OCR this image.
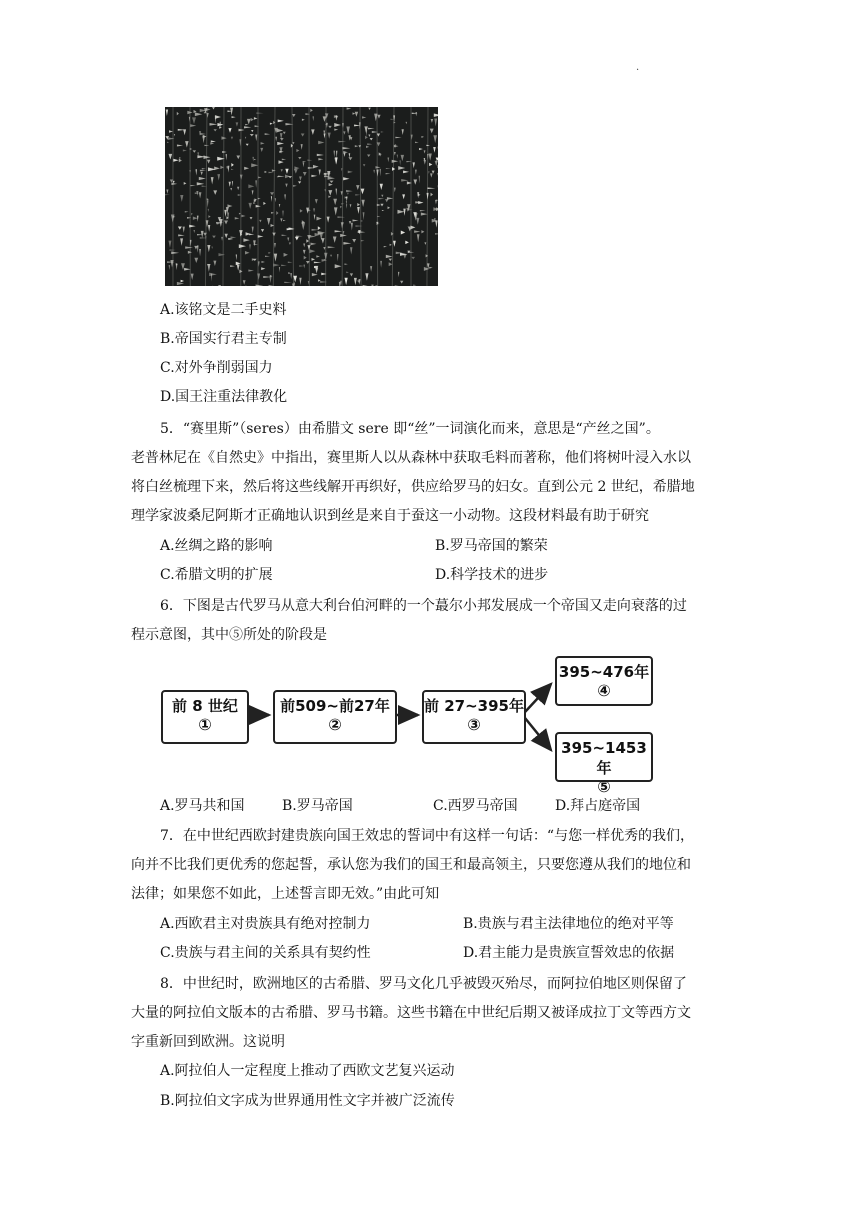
.
A.该铭文是二手史料
B.帝国实行君主专制
C.对外争削弱国力
D.国王注重法律教化
5．“赛里斯”（seres）由希腊文 sere 即“丝”一词演化而来，意思是“产丝之国”。
老普林尼在《自然史》中指出，赛里斯人以从森林中获取毛料而著称，他们将树叶浸入水以
将白丝梳理下来，然后将这些线解开再织好，供应给罗马的妇女。直到公元 2 世纪，希腊地
理学家波桑尼阿斯才正确地认识到丝是来自于蚕这一小动物。这段材料最有助于研究
A.丝绸之路的影响	B.罗马帝国的繁荣
C.希腊文明的扩展	D.科学技术的进步
6．下图是古代罗马从意大利台伯河畔的一个蕞尔小邦发展成一个帝国又走向衰落的过
程示意图，其中⑤所处的阶段是
前 8 世纪
①
前509~前27年
②
前 27~395年
③
395~476年
④
395~1453年
⑤
A.罗马共和国	B.罗马帝国	C.西罗马帝国	D.拜占庭帝国
7．在中世纪西欧封建贵族向国王效忠的誓词中有这样一句话：“与您一样优秀的我们，
向并不比我们更优秀的您起誓，承认您为我们的国王和最高领主，只要您遵从我们的地位和
法律；如果您不如此，上述誓言即无效。”由此可知
A.西欧君主对贵族具有绝对控制力	B.贵族与君主法律地位的绝对平等
C.贵族与君主间的关系具有契约性	D.君主能力是贵族宣誓效忠的依据
8．中世纪时，欧洲地区的古希腊、罗马文化几乎被毁灭殆尽，而阿拉伯地区则保留了
大量的阿拉伯文版本的古希腊、罗马书籍。这些书籍在中世纪后期又被译成拉丁文等西方文
字重新回到欧洲。这说明
A.阿拉伯人一定程度上推动了西欧文艺复兴运动
B.阿拉伯文字成为世界通用性文字并被广泛流传
